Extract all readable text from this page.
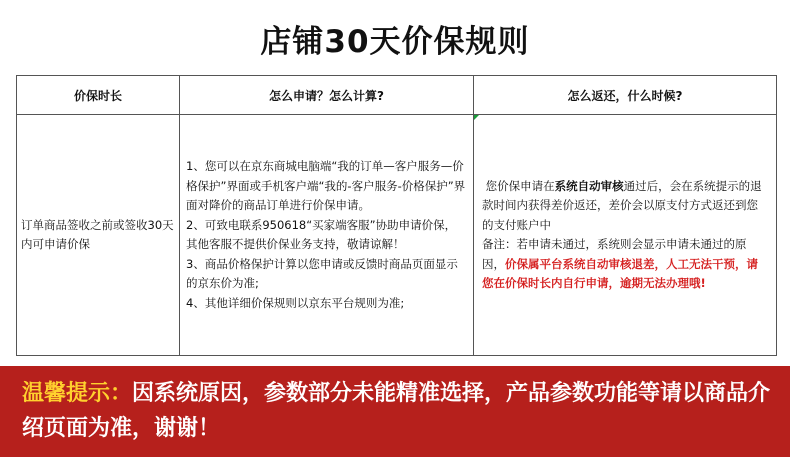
店铺30天价保规则
价保时长	怎么申请？怎么计算?	怎么返还，什么时候?
订单商品签收之前或签收30天内可申请价保	1、您可以在京东商城电脑端“我的订单—客户服务—价格保护”界面或手机客户端“我的-客户服务-价格保护”界面对降价的商品订单进行价保申请。
2、可致电联系950618“买家端客服”协助申请价保，其他客服不提供价保业务支持，敬请谅解！
3、商品价格保护计算以您申请或反馈时商品页面显示的京东价为准;
4、其他详细价保规则以京东平台规则为准;	您价保申请在系统自动审核通过后，会在系统提示的退款时间内获得差价返还，差价会以原支付方式返还到您的支付账户中
备注：若申请未通过，系统则会显示申请未通过的原因，价保属平台系统自动审核退差，人工无法干预，请您在价保时长内自行申请，逾期无法办理哦!
温馨提示：因系统原因，参数部分未能精准选择，产品参数功能等请以商品介绍页面为准，谢谢！
